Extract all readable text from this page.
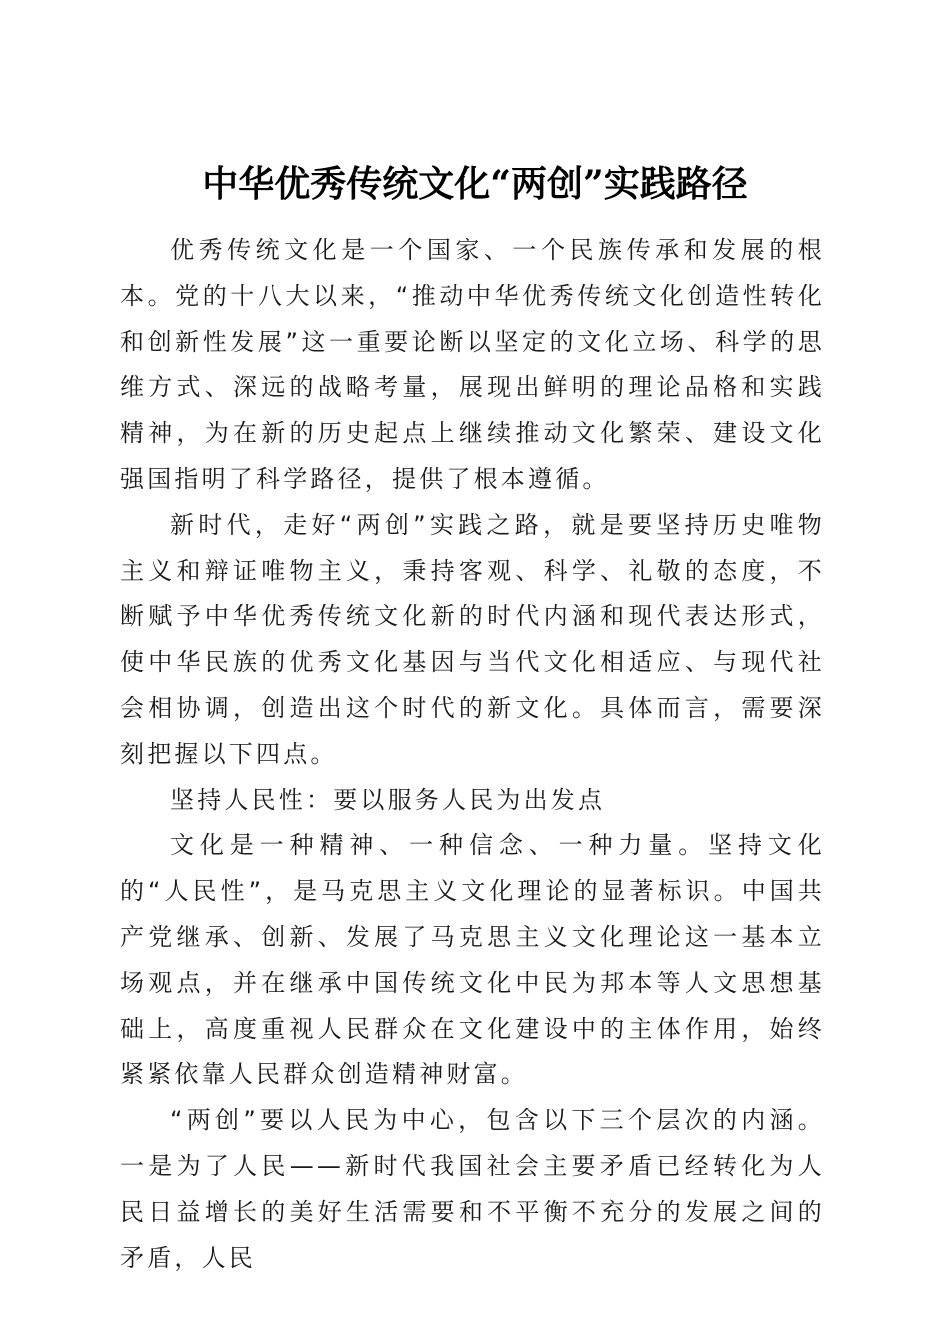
中华优秀传统文化“两创”实践路径

优秀传统文化是一个国家、一个民族传承和发展的根本。党的十八大以来，“推动中华优秀传统文化创造性转化和创新性发展”这一重要论断以坚定的文化立场、科学的思维方式、深远的战略考量，展现出鲜明的理论品格和实践精神，为在新的历史起点上继续推动文化繁荣、建设文化强国指明了科学路径，提供了根本遵循。

新时代，走好“两创”实践之路，就是要坚持历史唯物主义和辩证唯物主义，秉持客观、科学、礼敬的态度，不断赋予中华优秀传统文化新的时代内涵和现代表达形式，使中华民族的优秀文化基因与当代文化相适应、与现代社会相协调，创造出这个时代的新文化。具体而言，需要深刻把握以下四点。

坚持人民性：要以服务人民为出发点

文化是一种精神、一种信念、一种力量。坚持文化的“人民性”，是马克思主义文化理论的显著标识。中国共产党继承、创新、发展了马克思主义文化理论这一基本立场观点，并在继承中国传统文化中民为邦本等人文思想基础上，高度重视人民群众在文化建设中的主体作用，始终紧紧依靠人民群众创造精神财富。

“两创”要以人民为中心，包含以下三个层次的内涵。一是为了人民——新时代我国社会主要矛盾已经转化为人民日益增长的美好生活需要和不平衡不充分的发展之间的矛盾，人民
